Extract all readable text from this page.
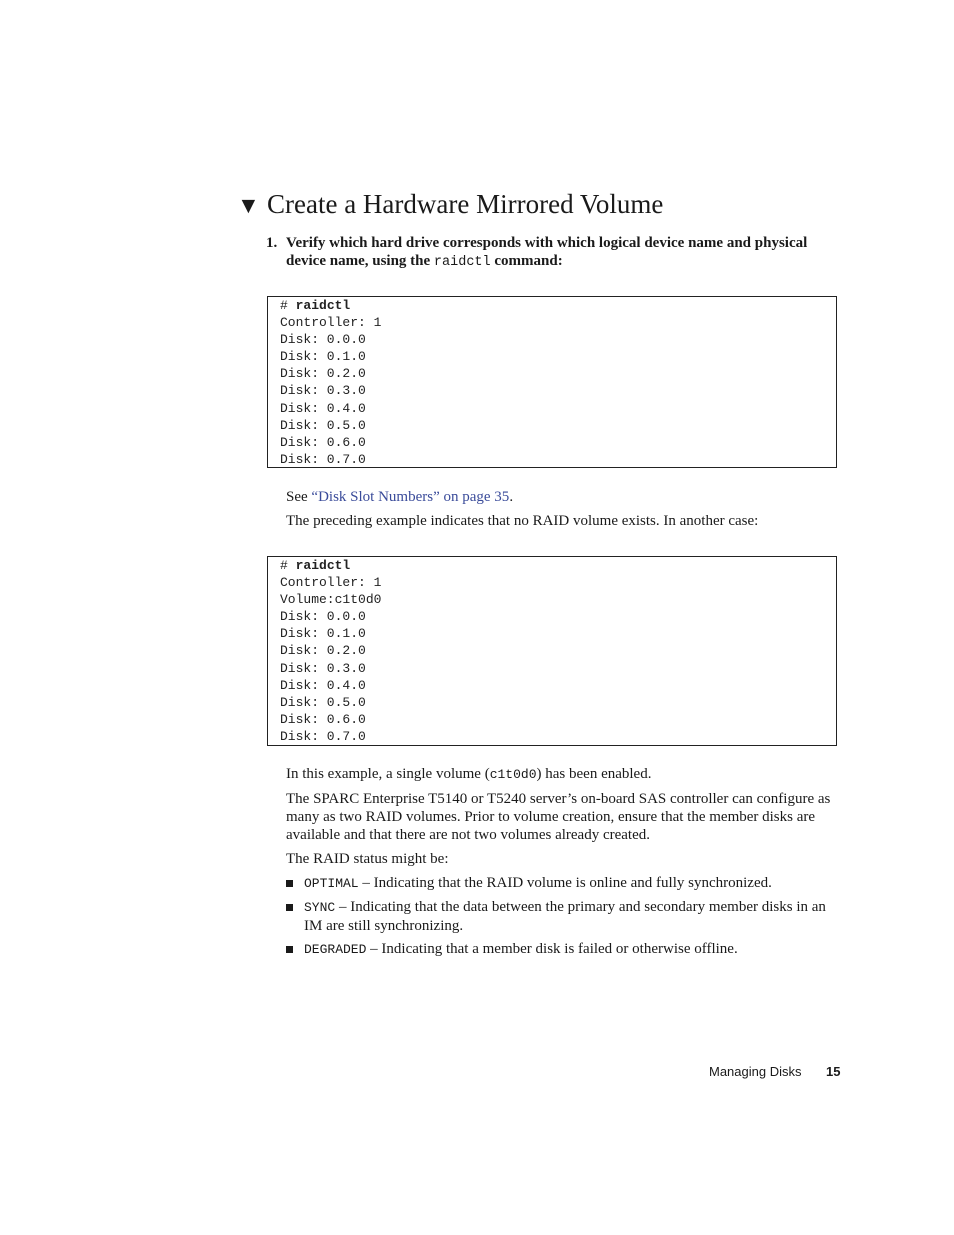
▼ Create a Hardware Mirrored Volume
1. Verify which hard drive corresponds with which logical device name and physical device name, using the raidctl command:
# raidctl
Controller: 1
Disk: 0.0.0
Disk: 0.1.0
Disk: 0.2.0
Disk: 0.3.0
Disk: 0.4.0
Disk: 0.5.0
Disk: 0.6.0
Disk: 0.7.0

See “Disk Slot Numbers” on page 35.

The preceding example indicates that no RAID volume exists. In another case:

# raidctl
Controller: 1
Volume:c1t0d0
Disk: 0.0.0
Disk: 0.1.0
Disk: 0.2.0
Disk: 0.3.0
Disk: 0.4.0
Disk: 0.5.0
Disk: 0.6.0
Disk: 0.7.0

In this example, a single volume (c1t0d0) has been enabled.

The SPARC Enterprise T5140 or T5240 server’s on-board SAS controller can configure as many as two RAID volumes. Prior to volume creation, ensure that the member disks are available and that there are not two volumes already created.

The RAID status might be:

OPTIMAL – Indicating that the RAID volume is online and fully synchronized.
SYNC – Indicating that the data between the primary and secondary member disks in an IM are still synchronizing.
DEGRADED – Indicating that a member disk is failed or otherwise offline.
Managing Disks 15
